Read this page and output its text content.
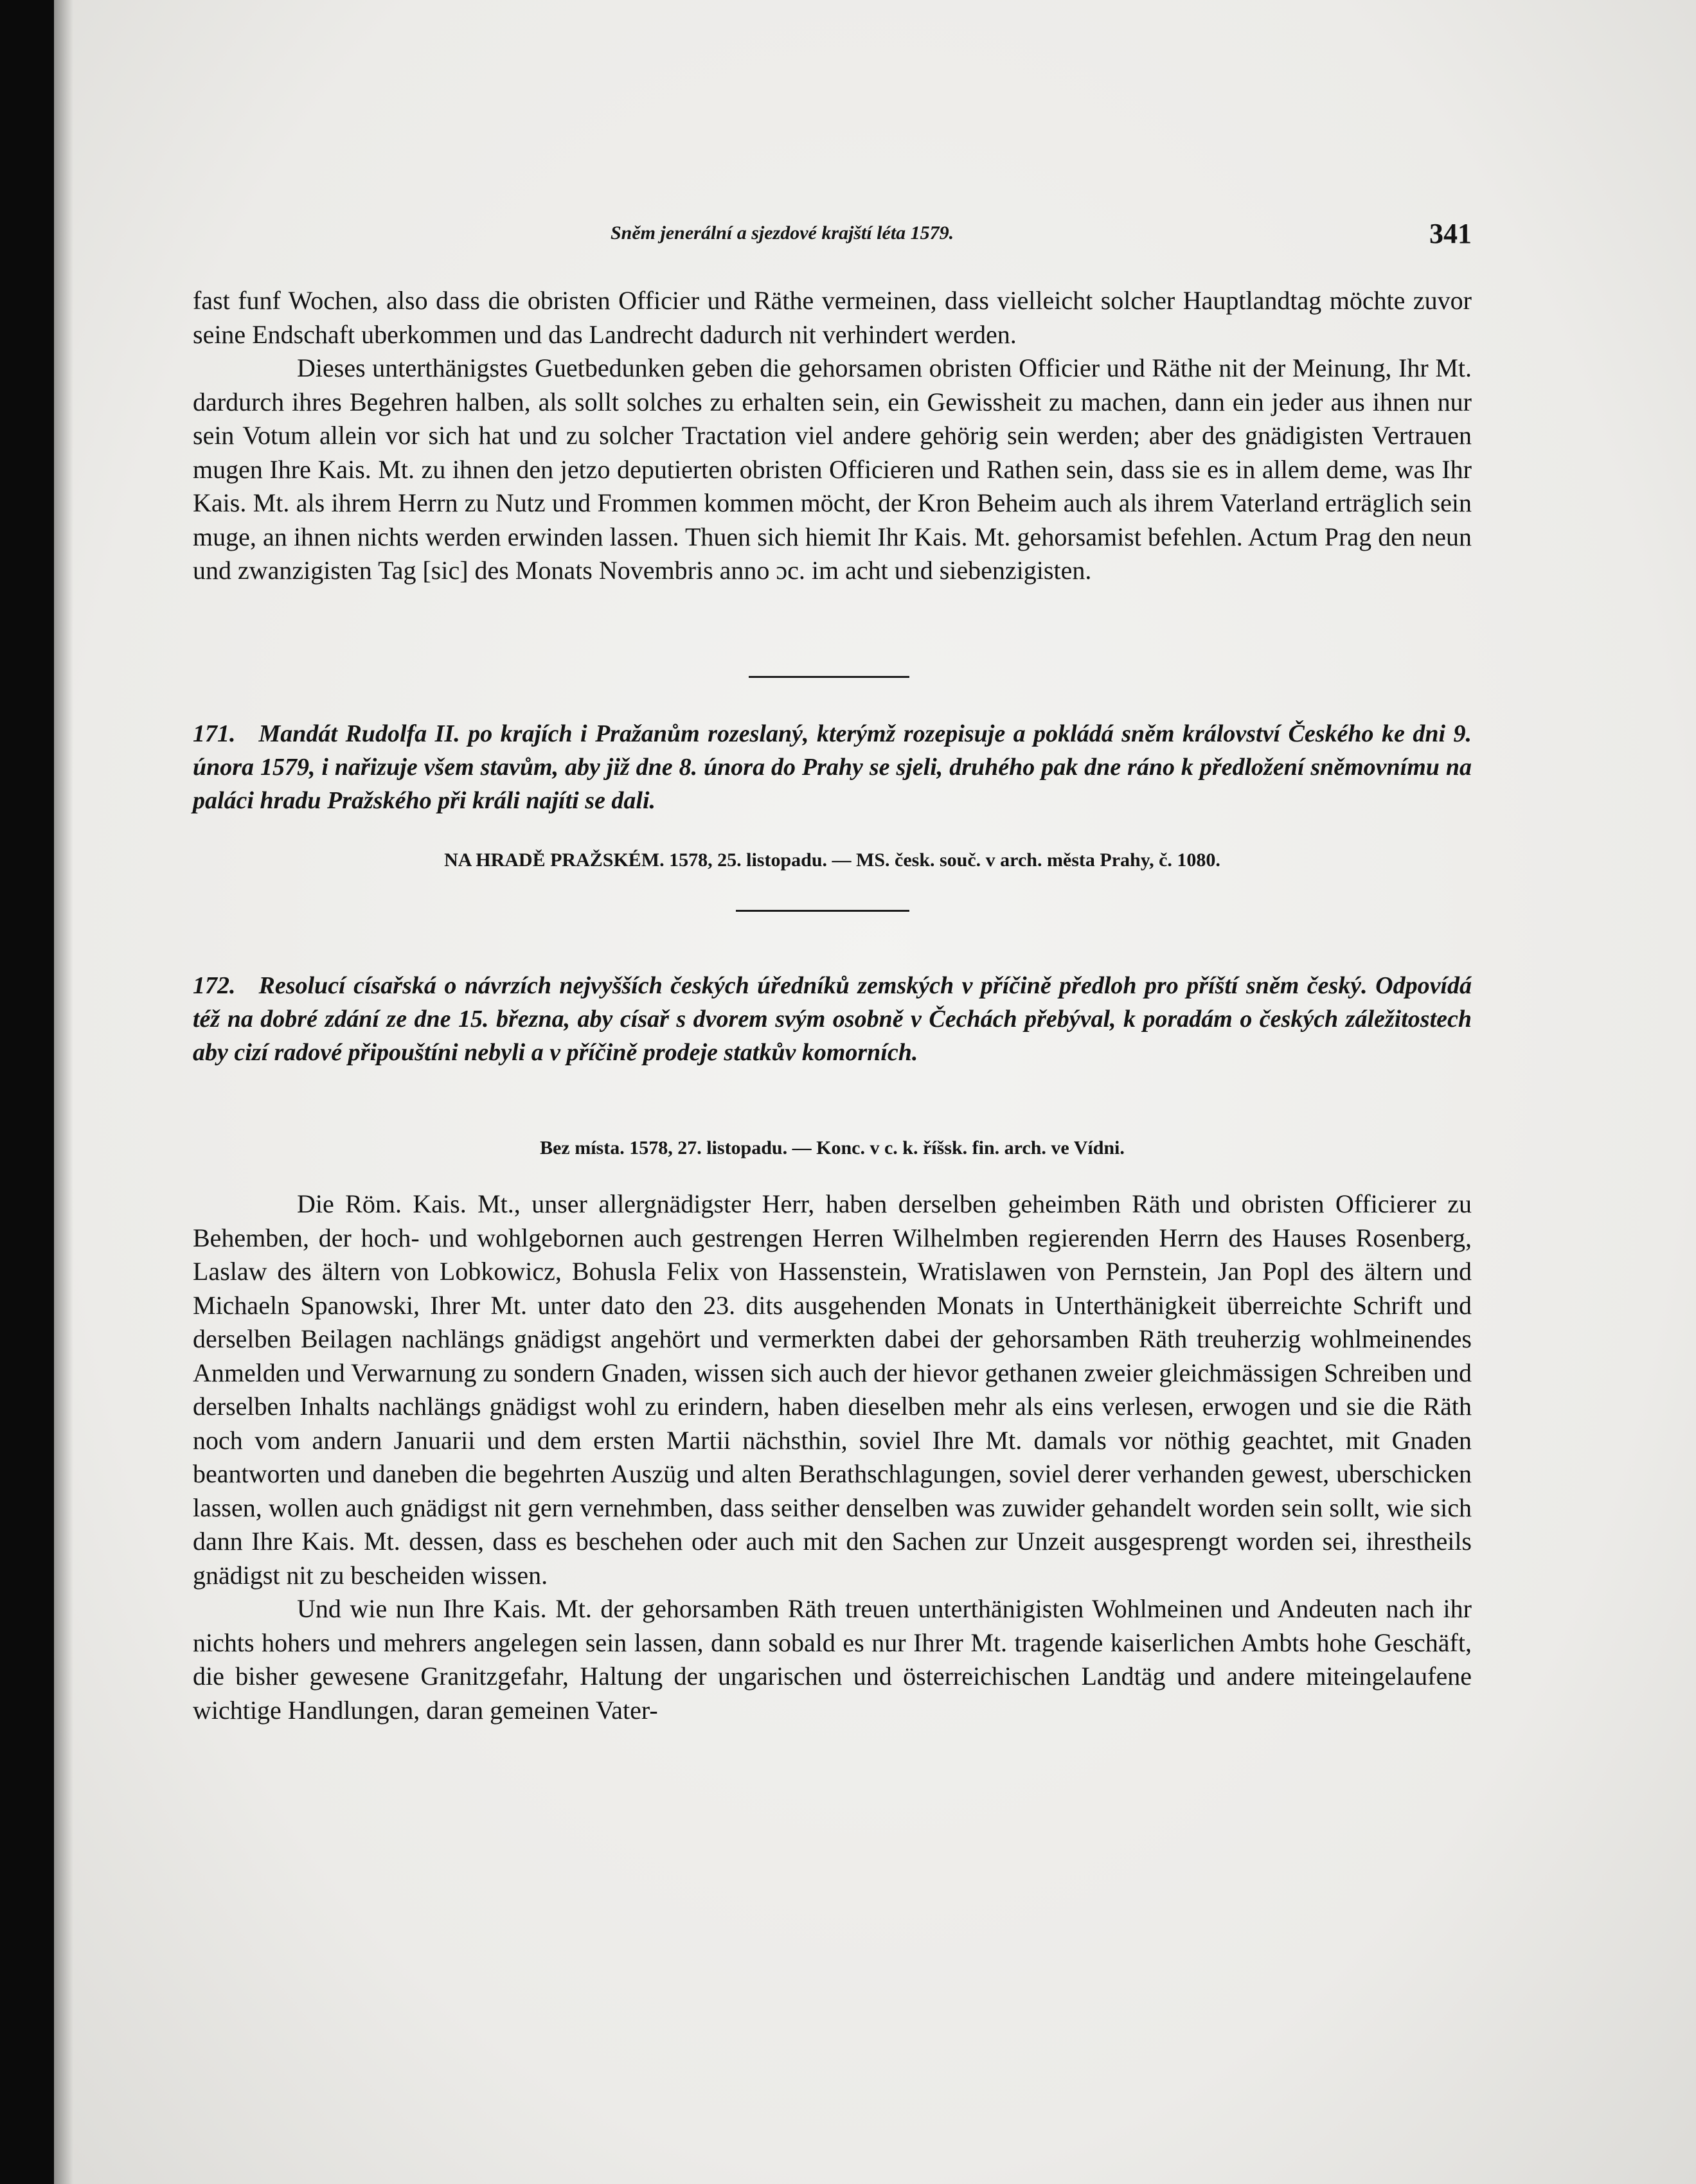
Sněm jenerální a sjezdové krajští léta 1579.	341

fast funf Wochen, also dass die obristen Officier und Räthe vermeinen, dass vielleicht solcher Hauptlandtag möchte zuvor seine Endschaft uberkommen und das Landrecht dadurch nit verhindert werden.

Dieses unterthänigstes Guetbedunken geben die gehorsamen obristen Officier und Räthe nit der Meinung, Ihr Mt. dardurch ihres Begehren halben, als sollt solches zu erhalten sein, ein Gewissheit zu machen, dann ein jeder aus ihnen nur sein Votum allein vor sich hat und zu solcher Tractation viel andere gehörig sein werden; aber des gnädigisten Vertrauen mugen Ihre Kais. Mt. zu ihnen den jetzo deputierten obristen Officieren und Rathen sein, dass sie es in allem deme, was Ihr Kais. Mt. als ihrem Herrn zu Nutz und Frommen kommen möcht, der Kron Beheim auch als ihrem Vaterland erträglich sein muge, an ihnen nichts werden erwinden lassen. Thuen sich hiemit Ihr Kais. Mt. gehorsamist befehlen. Actum Prag den neun und zwanzigisten Tag [sic] des Monats Novembris anno ɔc. im acht und siebenzigisten.

171. Mandát Rudolfa II. po krajích i Pražanům rozeslaný, kterýmž rozepisuje a pokládá sněm království Českého ke dni 9. února 1579, i nařizuje všem stavům, aby již dne 8. února do Prahy se sjeli, druhého pak dne ráno k předložení sněmovnímu na paláci hradu Pražského při králi najíti se dali.
NA HRADĚ PRAŽSKÉM. 1578, 25. listopadu. — MS. česk. souč. v arch. města Prahy, č. 1080.
172. Resolucí císařská o návrzích nejvyšších českých úředníků zemských v příčině předloh pro příští sněm český. Odpovídá též na dobré zdání ze dne 15. března, aby císař s dvorem svým osobně v Čechách přebýval, k poradám o českých záležitostech aby cizí radové připouštíni nebyli a v příčině prodeje statkův komorních.
Bez místa. 1578, 27. listopadu. — Konc. v c. k. říšsk. fin. arch. ve Vídni.

Die Röm. Kais. Mt., unser allergnädigster Herr, haben derselben geheimben Räth und obristen Officierer zu Behemben, der hoch- und wohlgebornen auch gestrengen Herren Wilhelmben regierenden Herrn des Hauses Rosenberg, Laslaw des ältern von Lobkowicz, Bohusla Felix von Hassenstein, Wratislawen von Pernstein, Jan Popl des ältern und Michaeln Spanowski, Ihrer Mt. unter dato den 23. dits ausgehenden Monats in Unterthänigkeit überreichte Schrift und derselben Beilagen nachlängs gnädigst angehört und vermerkten dabei der gehorsamben Räth treuherzig wohlmeinendes Anmelden und Verwarnung zu sondern Gnaden, wissen sich auch der hievor gethanen zweier gleichmässigen Schreiben und derselben Inhalts nachlängs gnädigst wohl zu erindern, haben dieselben mehr als eins verlesen, erwogen und sie die Räth noch vom andern Januarii und dem ersten Martii nächsthin, soviel Ihre Mt. damals vor nöthig geachtet, mit Gnaden beantworten und daneben die begehrten Auszüg und alten Berathschlagungen, soviel derer verhanden gewest, uberschicken lassen, wollen auch gnädigst nit gern vernehmben, dass seither denselben was zuwider gehandelt worden sein sollt, wie sich dann Ihre Kais. Mt. dessen, dass es beschehen oder auch mit den Sachen zur Unzeit ausgesprengt worden sei, ihrestheils gnädigst nit zu bescheiden wissen.

Und wie nun Ihre Kais. Mt. der gehorsamben Räth treuen unterthänigisten Wohlmeinen und Andeuten nach ihr nichts hohers und mehrers angelegen sein lassen, dann sobald es nur Ihrer Mt. tragende kaiserlichen Ambts hohe Geschäft, die bisher gewesene Granitzgefahr, Haltung der ungarischen und österreichischen Landtäg und andere miteingelaufene wichtige Handlungen, daran gemeinen Vater-
